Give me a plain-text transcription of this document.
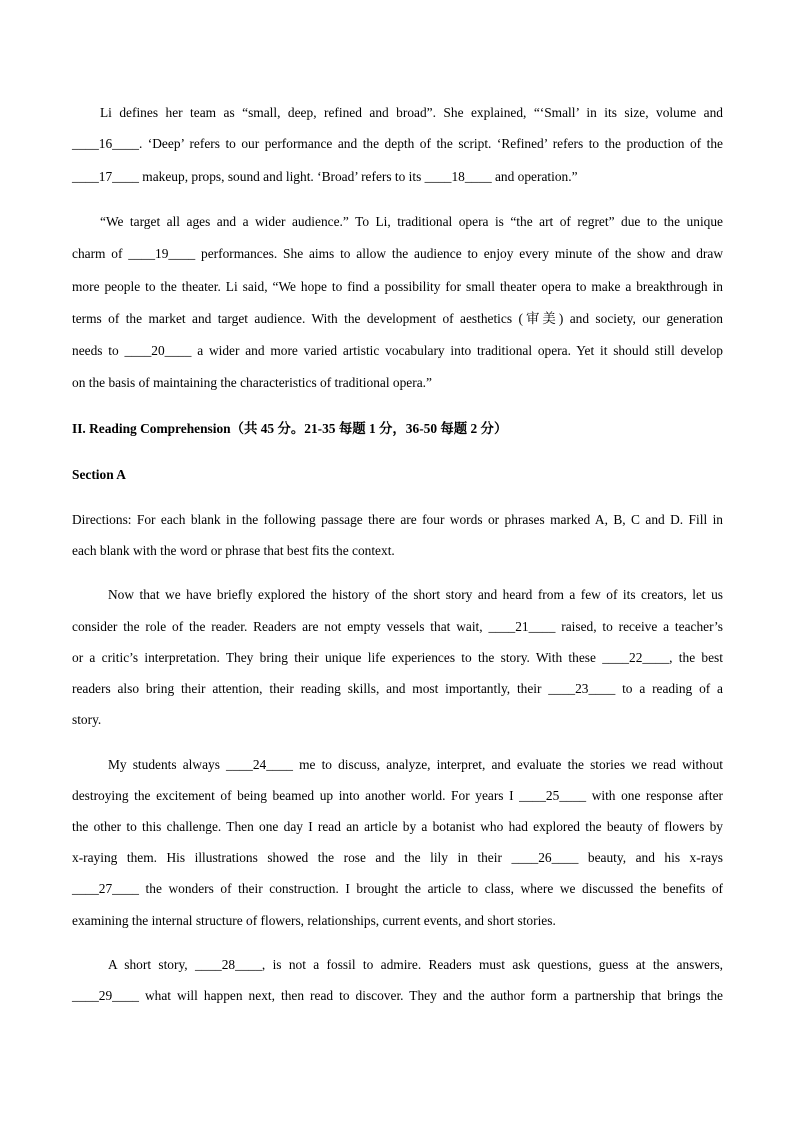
Li defines her team as “small, deep, refined and broad”. She explained, “‘Small’ in its size, volume and
____16____. ‘Deep’ refers to our performance and the depth of the script. ‘Refined’ refers to the production of the
____17____ makeup, props, sound and light. ‘Broad’ refers to its ____18____ and operation.”
“We target all ages and a wider audience.” To Li, traditional opera is “the art of regret” due to the unique
charm of ____19____ performances. She aims to allow the audience to enjoy every minute of the show and draw
more people to the theater. Li said, “We hope to find a possibility for small theater opera to make a breakthrough in
terms of the market and target audience. With the development of aesthetics (审美) and society, our generation
needs to ____20____ a wider and more varied artistic vocabulary into traditional opera. Yet it should still develop
on the basis of maintaining the characteristics of traditional opera.”
II. Reading Comprehension（共 45 分。21-35 每题 1 分，36-50 每题 2 分）
Section A
Directions: For each blank in the following passage there are four words or phrases marked A, B, C and D. Fill in
each blank with the word or phrase that best fits the context.
Now that we have briefly explored the history of the short story and heard from a few of its creators, let us
consider the role of the reader. Readers are not empty vessels that wait, ____21____ raised, to receive a teacher’s
or a critic’s interpretation. They bring their unique life experiences to the story. With these ____22____, the best
readers also bring their attention, their reading skills, and most importantly, their ____23____ to a reading of a
story.
My students always ____24____ me to discuss, analyze, interpret, and evaluate the stories we read without
destroying the excitement of being beamed up into another world. For years I ____25____ with one response after
the other to this challenge. Then one day I read an article by a botanist who had explored the beauty of flowers by
x-raying them. His illustrations showed the rose and the lily in their ____26____ beauty, and his x-rays
____27____ the wonders of their construction. I brought the article to class, where we discussed the benefits of
examining the internal structure of flowers, relationships, current events, and short stories.
A short story, ____28____, is not a fossil to admire. Readers must ask questions, guess at the answers,
____29____ what will happen next, then read to discover. They and the author form a partnership that brings the
